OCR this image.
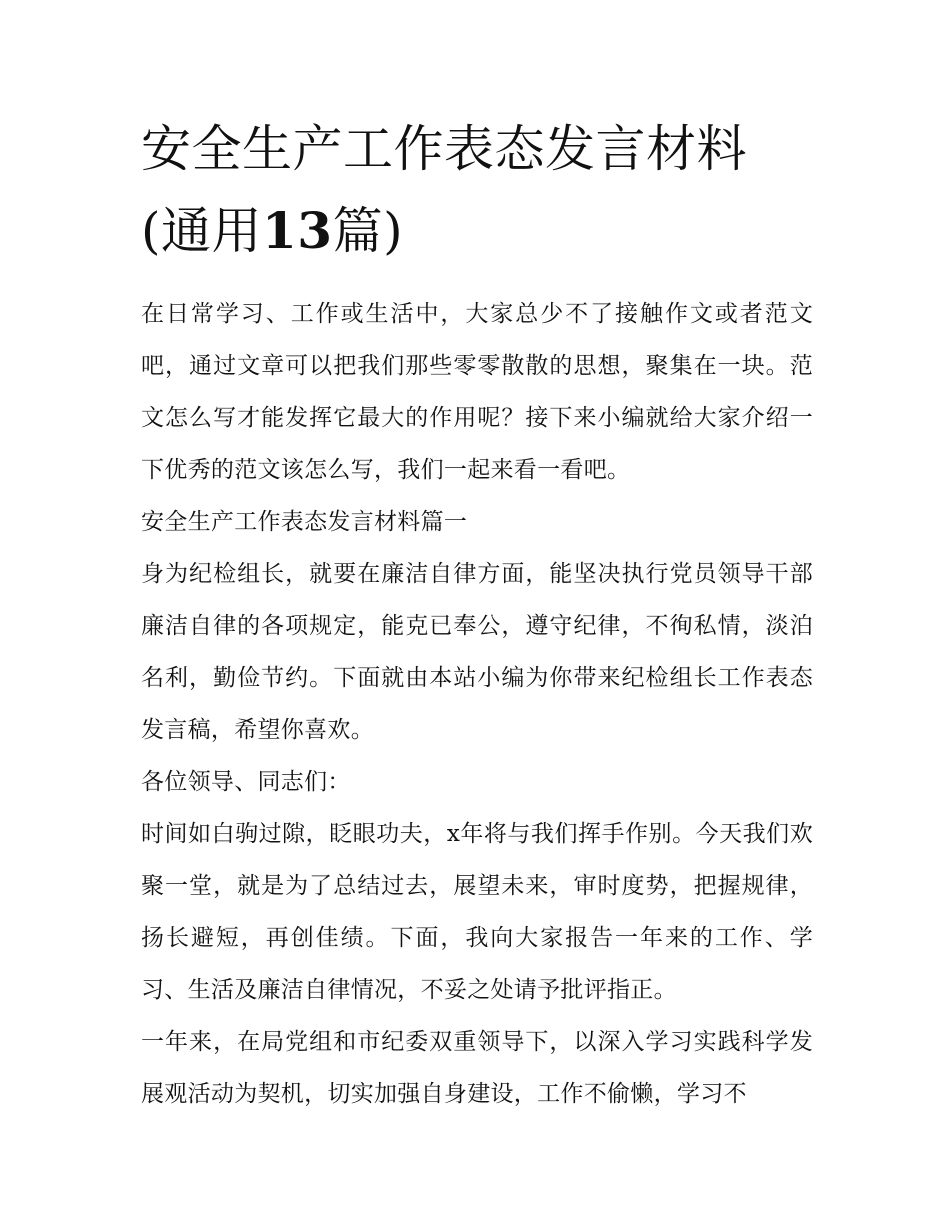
安全生产工作表态发言材料(通用13篇)

在日常学习、工作或生活中，大家总少不了接触作文或者范文吧，通过文章可以把我们那些零零散散的思想，聚集在一块。范文怎么写才能发挥它最大的作用呢？接下来小编就给大家介绍一下优秀的范文该怎么写，我们一起来看一看吧。

安全生产工作表态发言材料篇一

身为纪检组长，就要在廉洁自律方面，能坚决执行党员领导干部廉洁自律的各项规定，能克已奉公，遵守纪律，不徇私情，淡泊名利，勤俭节约。下面就由本站小编为你带来纪检组长工作表态发言稿，希望你喜欢。

各位领导、同志们：

时间如白驹过隙，眨眼功夫，x年将与我们挥手作别。今天我们欢聚一堂，就是为了总结过去，展望未来，审时度势，把握规律，扬长避短，再创佳绩。下面，我向大家报告一年来的工作、学习、生活及廉洁自律情况，不妥之处请予批评指正。

一年来，在局党组和市纪委双重领导下，以深入学习实践科学发展观活动为契机，切实加强自身建设，工作不偷懒，学习不
